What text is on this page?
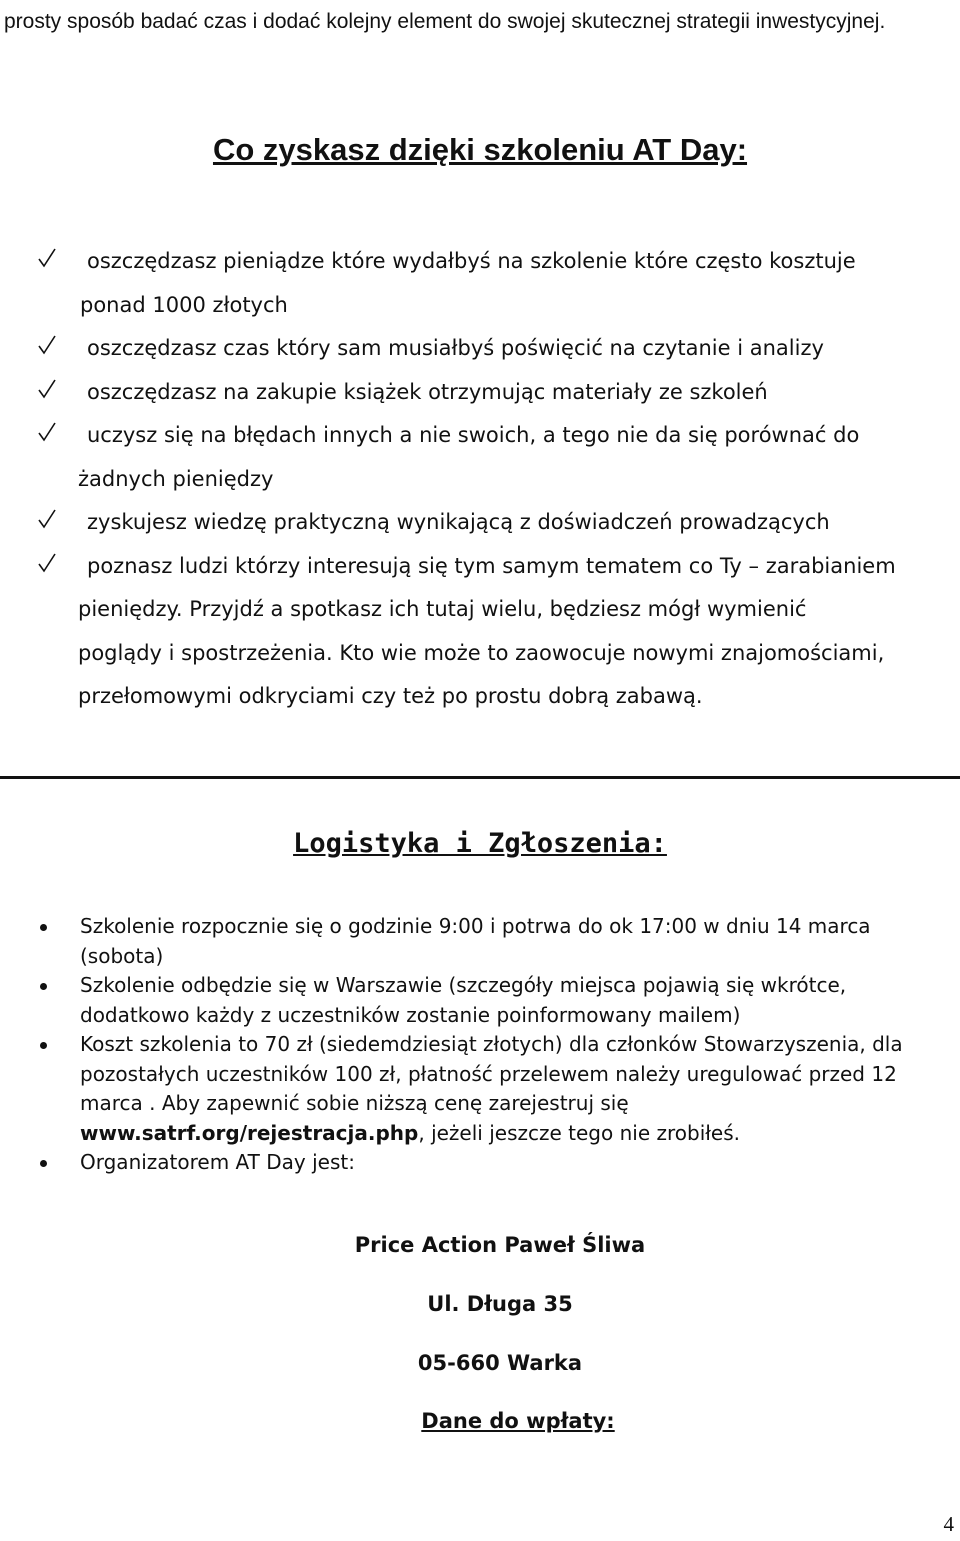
prosty sposób badać czas i dodać kolejny element do swojej skutecznej strategii inwestycyjnej.

Co zyskasz dzięki szkoleniu AT Day:
oszczędzasz pieniądze które wydałbyś na szkolenie które często kosztuje
ponad 1000 złotych
oszczędzasz czas który sam musiałbyś poświęcić na czytanie i analizy
oszczędzasz na zakupie książek otrzymując materiały ze szkoleń
uczysz się na błędach innych a nie swoich, a tego nie da się porównać do
żadnych pieniędzy
zyskujesz wiedzę praktyczną wynikającą z doświadczeń prowadzących
poznasz ludzi którzy interesują się tym samym tematem co Ty – zarabianiem
pieniędzy. Przyjdź a spotkasz ich tutaj wielu, będziesz mógł wymienić
poglądy i spostrzeżenia. Kto wie może to zaowocuje nowymi znajomościami,
przełomowymi odkryciami czy też po prostu dobrą zabawą.
Logistyka i Zgłoszenia:
Szkolenie rozpocznie się o godzinie 9:00 i potrwa do ok 17:00 w dniu 14 marca (sobota)
Szkolenie odbędzie się w Warszawie (szczegóły miejsca pojawią się wkrótce, dodatkowo każdy z uczestników zostanie poinformowany mailem)
Koszt szkolenia to 70 zł (siedemdziesiąt złotych) dla członków Stowarzyszenia, dla pozostałych uczestników 100 zł, płatność przelewem należy uregulować przed 12 marca . Aby zapewnić sobie niższą cenę zarejestruj się www.satrf.org/rejestracja.php, jeżeli jeszcze tego nie zrobiłeś.
Organizatorem AT Day jest:

Price Action Paweł Śliwa

Ul. Długa 35

05-660 Warka

Dane do wpłaty:

4
